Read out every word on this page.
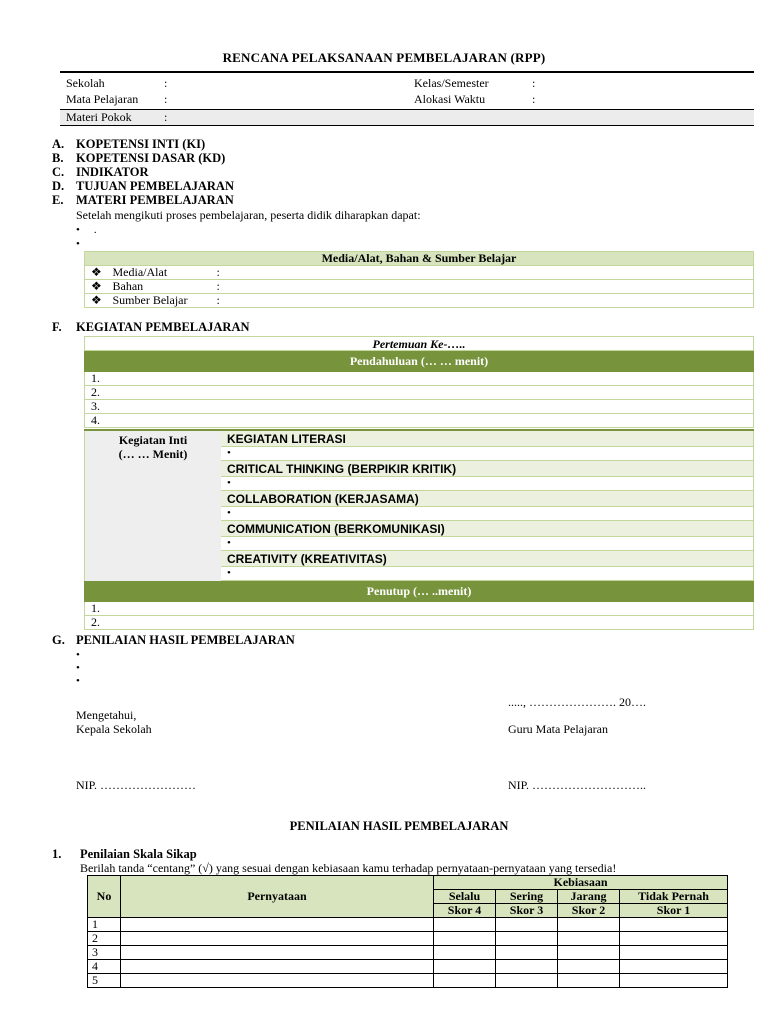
RENCANA PELAKSANAAN PEMBELAJARAN (RPP)
Sekolah	:	Kelas/Semester	:
Mata Pelajaran :	Alokasi Waktu	:
Materi Pokok	:
A. KOPETENSI INTI (KI)
B. KOPETENSI DASAR (KD)
C. INDIKATOR
D. TUJUAN PEMBELAJARAN
E. MATERI PEMBELAJARAN
Setelah mengikuti proses pembelajaran, peserta didik diharapkan dapat:
• .
•
Media/Alat, Bahan & Sumber Belajar		
❖	Media/Alat	:
❖	Bahan	:
❖	Sumber Belajar	:
F. KEGIATAN PEMBELAJARAN
Pertemuan Ke-…..
Pendahuluan (… … menit)
1.
2.
3.
4.
Kegiatan Inti
(… … Menit)
KEGIATAN LITERASI
•
CRITICAL THINKING (BERPIKIR KRITIK)
•
COLLABORATION (KERJASAMA)
•
COMMUNICATION (BERKOMUNIKASI)
•
CREATIVITY (KREATIVITAS)
•
Penutup (… ..menit)
1.
2.
G. PENILAIAN HASIL PEMBELAJARAN
•
•
•
....., …………………. 20….
Mengetahui,
Kepala Sekolah	Guru Mata Pelajaran
NIP. ……………………	NIP. ………………………..
PENILAIAN HASIL PEMBELAJARAN
1. Penilaian Skala Sikap
Berilah tanda “centang” (√) yang sesuai dengan kebiasaan kamu terhadap pernyataan-pernyataan yang tersedia!
No	Pernyataan	Kebiasaan			
		Selalu	Sering	Jarang	Tidak Pernah
		Skor 4	Skor 3	Skor 2	Skor 1
1					
2					
3					
4					
5					
